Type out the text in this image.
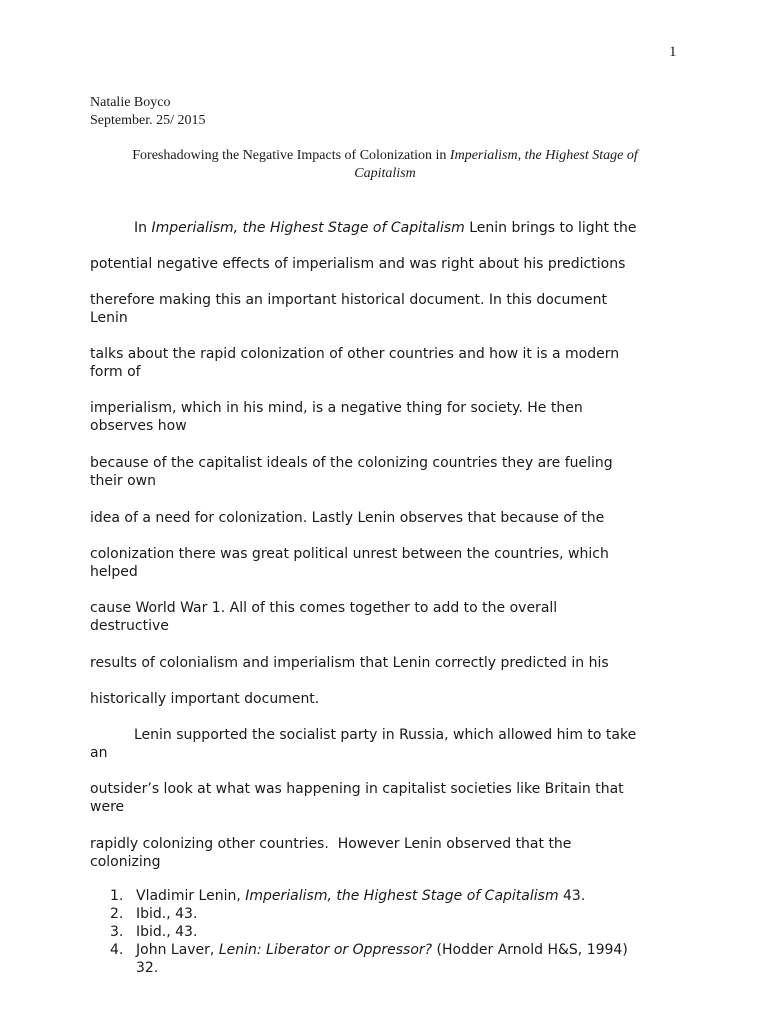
1
Natalie Boyco
September. 25/ 2015
Foreshadowing the Negative Impacts of Colonization in Imperialism, the Highest Stage of
Capitalism
In Imperialism, the Highest Stage of Capitalism Lenin brings to light the
potential negative effects of imperialism and was right about his predictions
therefore making this an important historical document. In this document
Lenin
talks about the rapid colonization of other countries and how it is a modern
form of
imperialism, which in his mind, is a negative thing for society. He then
observes how
because of the capitalist ideals of the colonizing countries they are fueling
their own
idea of a need for colonization. Lastly Lenin observes that because of the
colonization there was great political unrest between the countries, which
helped
cause World War 1. All of this comes together to add to the overall
destructive
results of colonialism and imperialism that Lenin correctly predicted in his
historically important document.
Lenin supported the socialist party in Russia, which allowed him to take
an
outsider’s look at what was happening in capitalist societies like Britain that
were
rapidly colonizing other countries.  However Lenin observed that the
colonizing
1. Vladimir Lenin, Imperialism, the Highest Stage of Capitalism 43.
2. Ibid., 43.
3. Ibid., 43.
4. John Laver, Lenin: Liberator or Oppressor? (Hodder Arnold H&S, 1994)
32.
